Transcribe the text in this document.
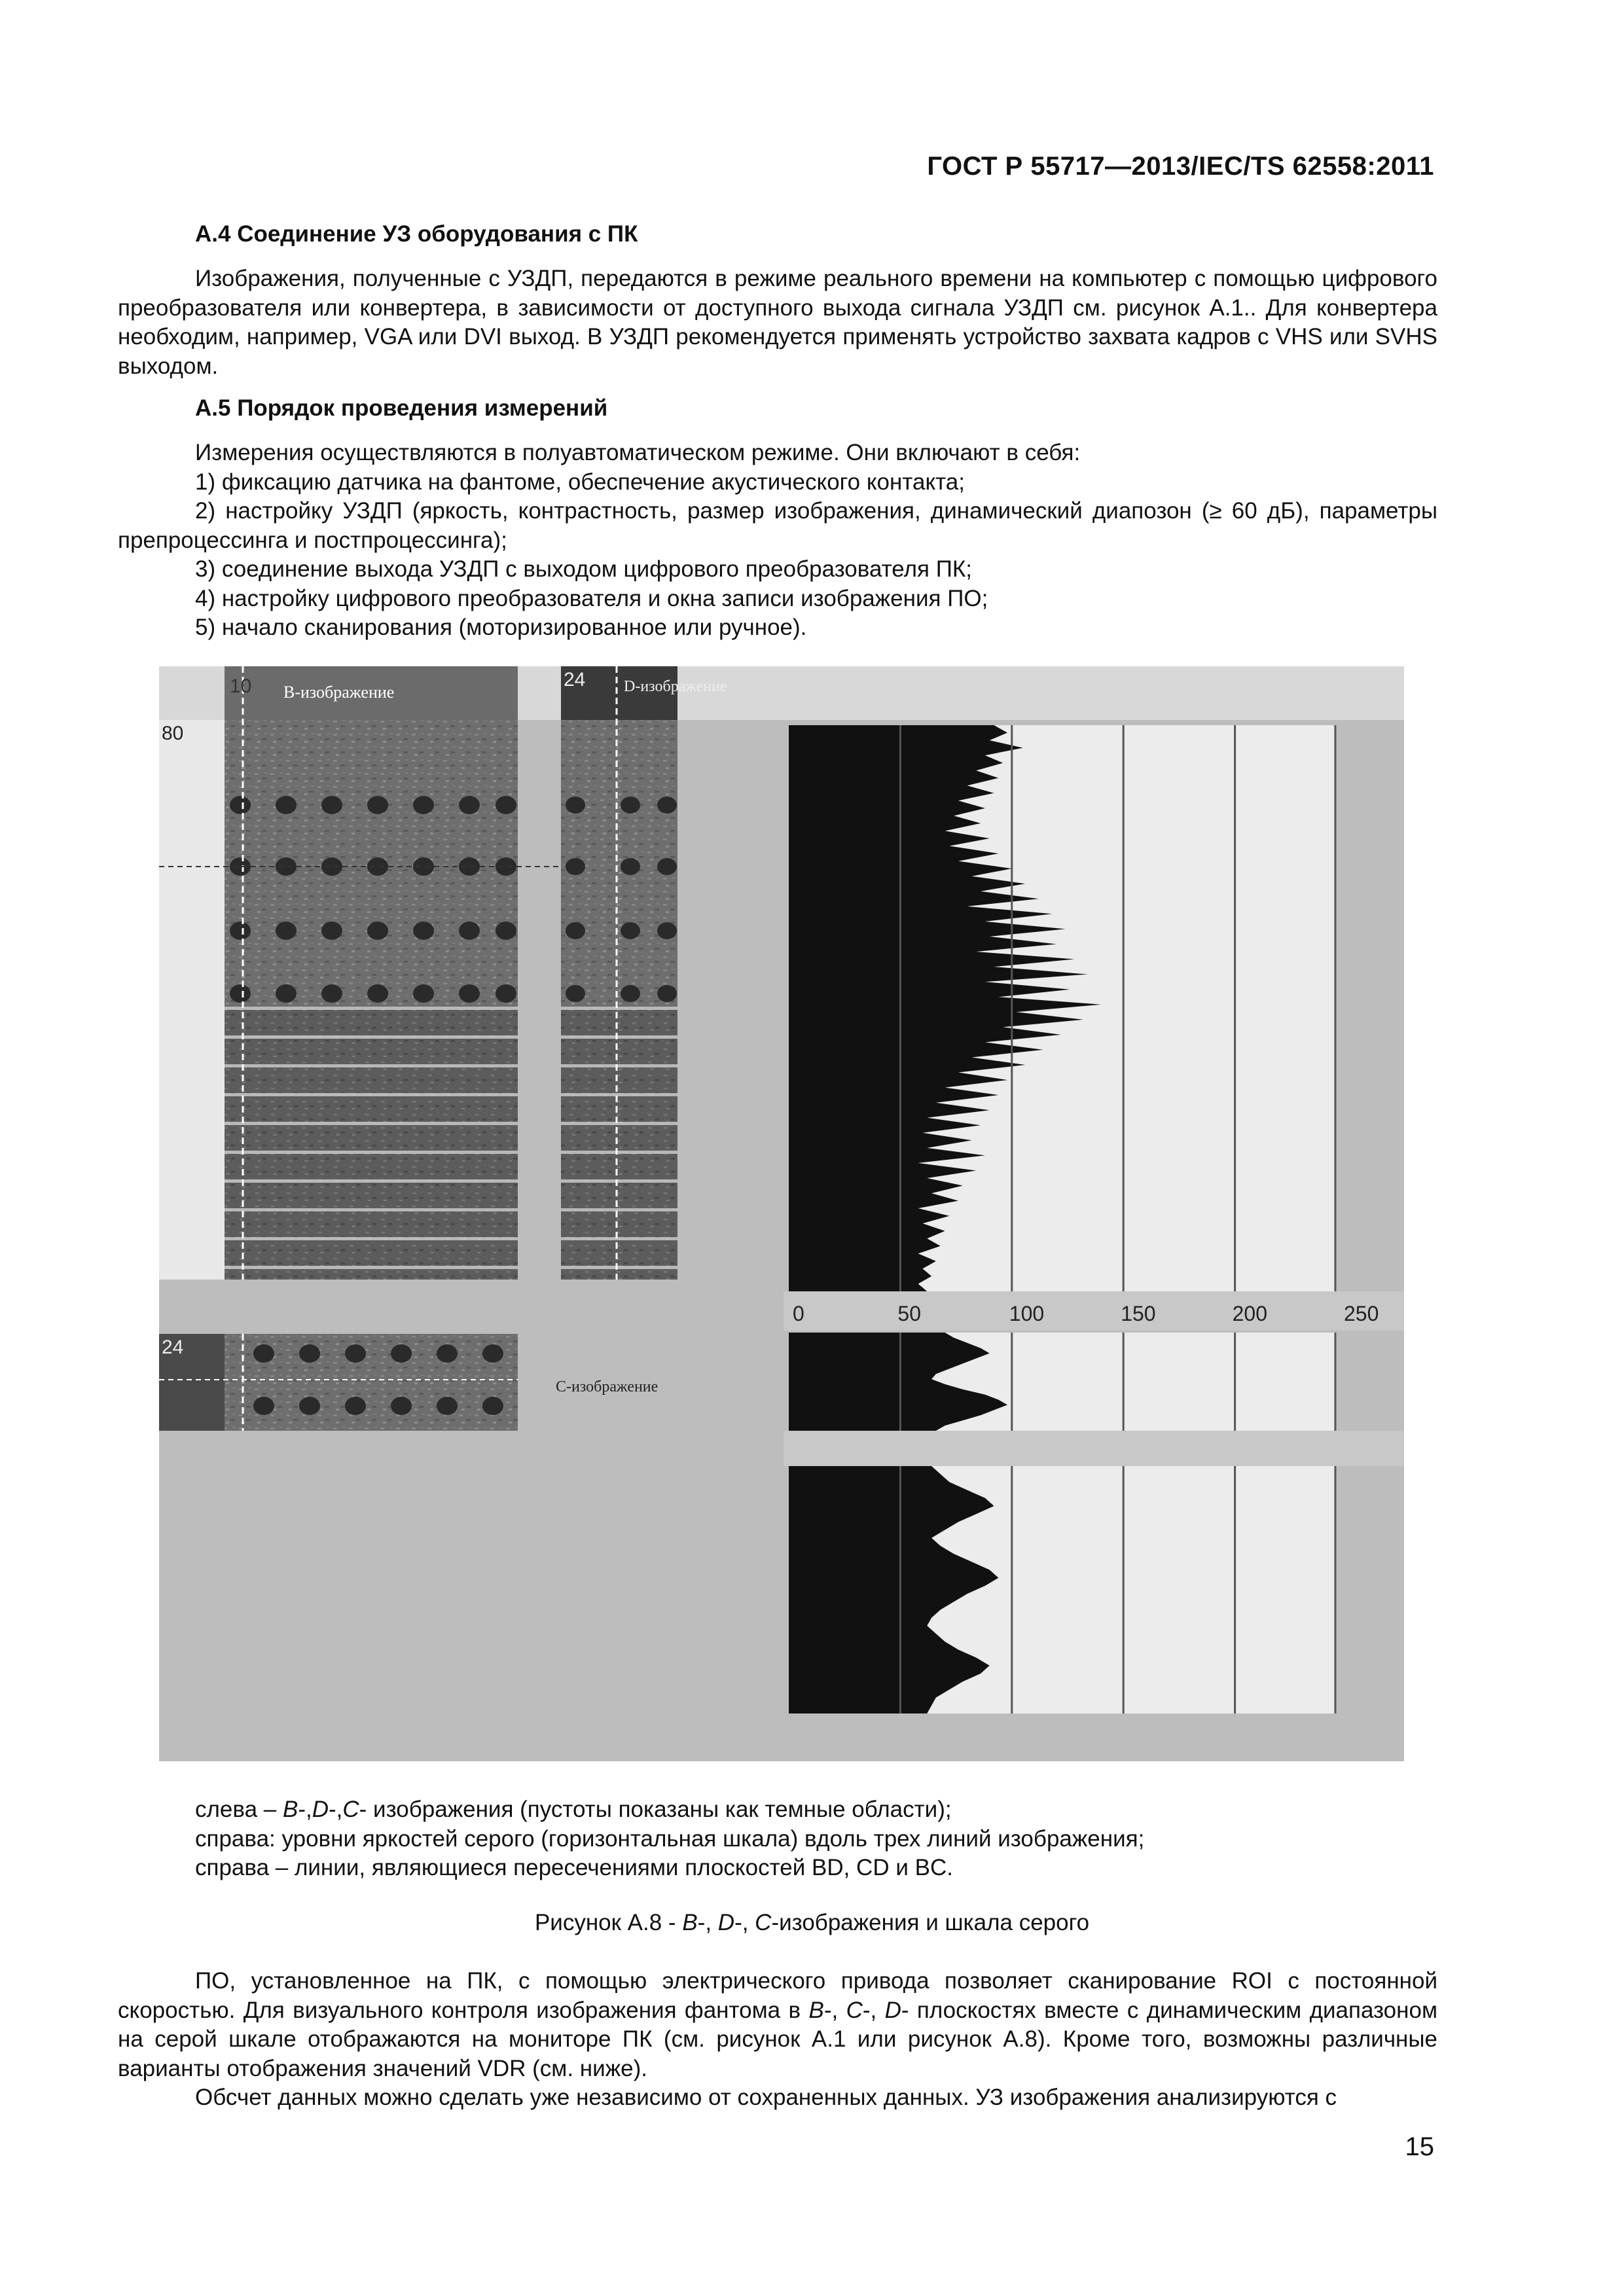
ГОСТ Р 55717—2013/IEC/TS 62558:2011
А.4 Соединение УЗ оборудования с ПК

Изображения, полученные с УЗДП, передаются в режиме реального времени на компьютер с помощью цифрового преобразователя или конвертера, в зависимости от доступного выхода сигнала УЗДП см. рисунок А.1.. Для конвертера необходим, например, VGA или DVI выход. В УЗДП рекомендуется применять устройство захвата кадров с VHS или SVHS выходом.

А.5 Порядок проведения измерений
Измерения осуществляются в полуавтоматическом режиме. Они включают в себя:
1) фиксацию датчика на фантоме, обеспечение акустического контакта;
2) настройку УЗДП (яркость, контрастность, размер изображения, динамический диапозон (≥ 60 дБ), параметры препроцессинга и постпроцессинга);
3) соединение выхода УЗДП с выходом цифрового преобразователя ПК;
4) настройку цифрового преобразователя и окна записи изображения ПО;
5) начало сканирования (моторизированное или ручное).
10 B-изображение
80
24 D-изображение
24
C-изображение
0	50	100	150	200	250
слева – B-,D-,C- изображения (пустоты показаны как темные области);
справа: уровни яркостей серого (горизонтальная шкала) вдоль трех линий изображения;
справа – линии, являющиеся пересечениями плоскостей BD, CD и BC.
Рисунок А.8 - B-, D-, C-изображения и шкала серого

ПО, установленное на ПК, с помощью электрического привода позволяет сканирование ROI с постоянной скоростью. Для визуального контроля изображения фантома в B-, C-, D- плоскостях вместе с динамическим диапазоном на серой шкале отображаются на мониторе ПК (см. рисунок А.1 или рисунок А.8). Кроме того, возможны различные варианты отображения значений VDR (см. ниже).

Обсчет данных можно сделать уже независимо от сохраненных данных. УЗ изображения анализируются с

15
